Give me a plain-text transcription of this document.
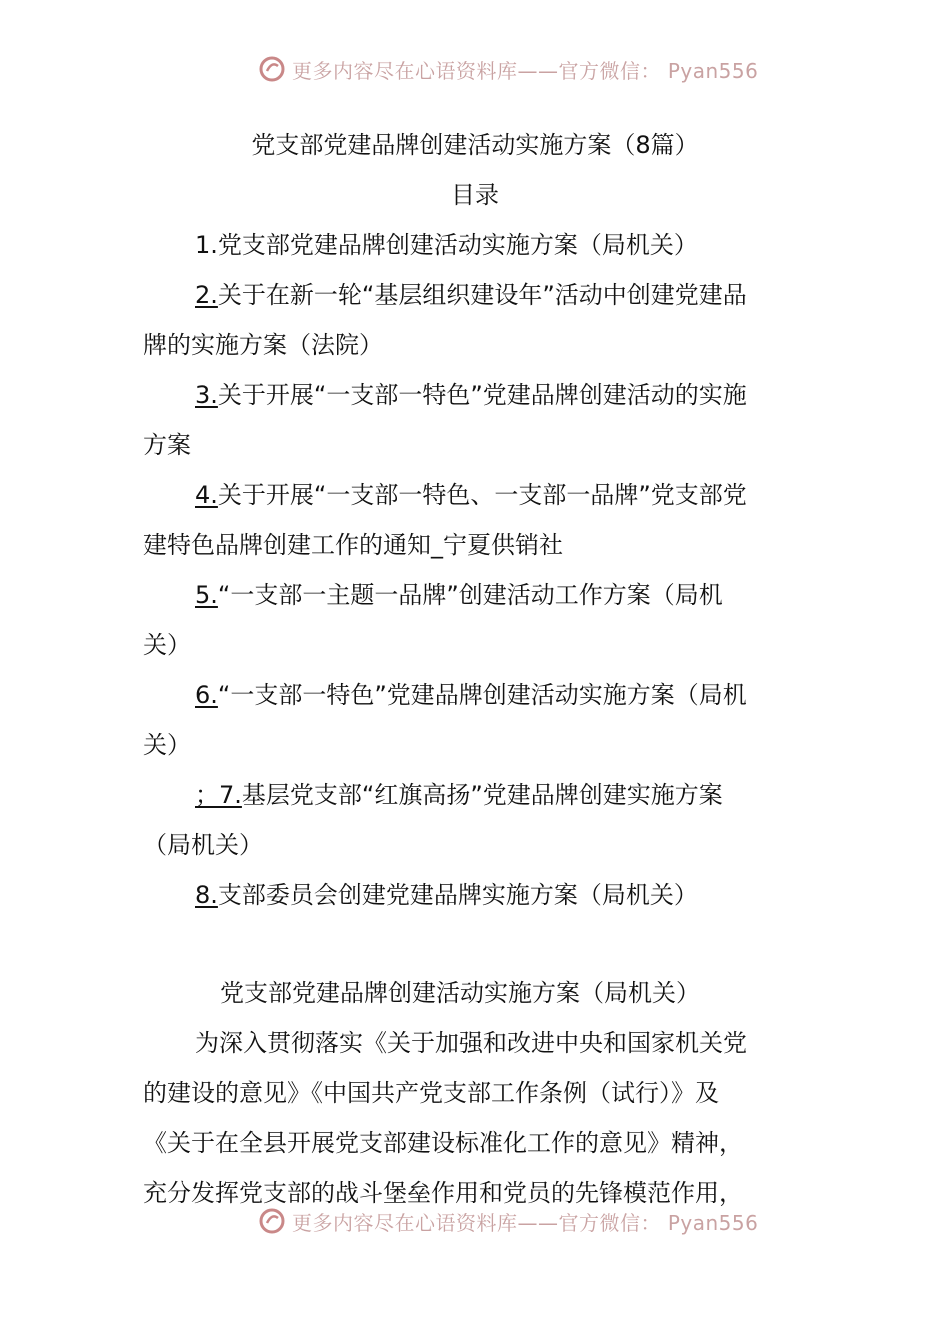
更多内容尽在心语资料库——官方微信： Pyan556
党支部党建品牌创建活动实施方案（8篇）
目录
1.党支部党建品牌创建活动实施方案（局机关）
2.关于在新一轮“基层组织建设年”活动中创建党建品
牌的实施方案（法院）
3.关于开展“一支部一特色”党建品牌创建活动的实施
方案
4.关于开展“一支部一特色、一支部一品牌”党支部党
建特色品牌创建工作的通知_宁夏供销社
5.“一支部一主题一品牌”创建活动工作方案（局机
关）
6.“一支部一特色”党建品牌创建活动实施方案（局机
关）
；7.基层党支部“红旗高扬”党建品牌创建实施方案
（局机关）
8.支部委员会创建党建品牌实施方案（局机关）
党支部党建品牌创建活动实施方案（局机关）
为深入贯彻落实《关于加强和改进中央和国家机关党
的建设的意见》《中国共产党支部工作条例（试行）》及
《关于在全县开展党支部建设标准化工作的意见》精神，
充分发挥党支部的战斗堡垒作用和党员的先锋模范作用，
更多内容尽在心语资料库——官方微信： Pyan556
